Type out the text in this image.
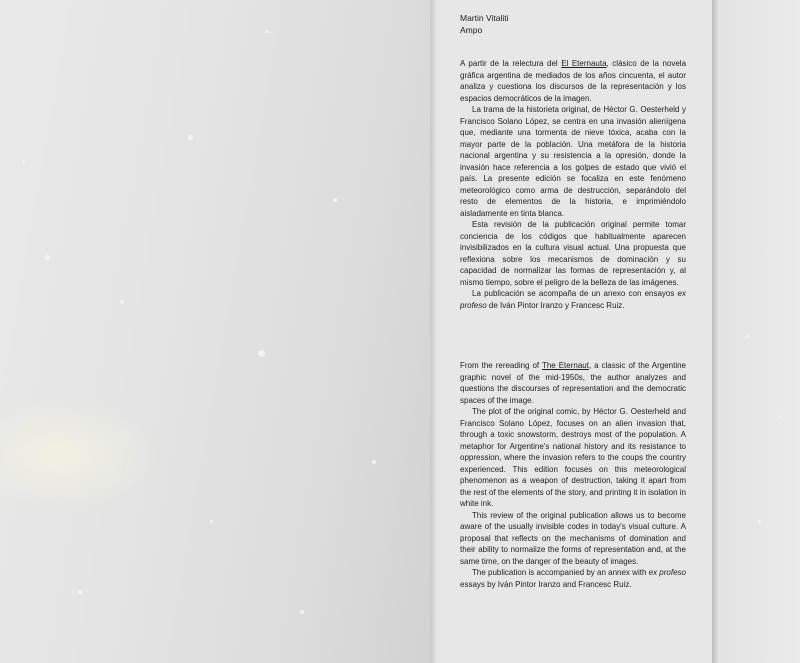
Martin Vitaliti
Ampo

A partir de la relectura del El Eternauta, clásico de la novela gráfica argentina de mediados de los años cincuenta, el autor analiza y cuestiona los discursos de la representación y los espacios democráticos de la imagen.

La trama de la historieta original, de Héctor G. Oesterheld y Francisco Solano López, se centra en una invasión alienígena que, mediante una tormenta de nieve tóxica, acaba con la mayor parte de la población. Una metáfora de la historia nacional argentina y su resistencia a la opresión, donde la invasión hace referencia a los golpes de estado que vivió el país. La presente edición se focaliza en este fenómeno meteorológico como arma de destrucción, separándolo del resto de elementos de la historia, e imprimiéndolo aisladamente en tinta blanca.

Esta revisión de la publicación original permite tomar conciencia de los códigos que habitualmente aparecen invisibilizados en la cultura visual actual. Una propuesta que reflexiona sobre los mecanismos de dominación y su capacidad de normalizar las formas de representación y, al mismo tiempo, sobre el peligro de la belleza de las imágenes.

La publicación se acompaña de un anexo con ensayos ex profeso de Iván Pintor Iranzo y Francesc Ruiz.

From the rereading of The Eternaut, a classic of the Argentine graphic novel of the mid-1950s, the author analyzes and questions the discourses of representation and the democratic spaces of the image.

The plot of the original comic, by Héctor G. Oesterheld and Francisco Solano López, focuses on an alien invasion that, through a toxic snowstorm, destroys most of the population. A metaphor for Argentine's national history and its resistance to oppression, where the invasion refers to the coups the country experienced. This edition focuses on this meteorological phenomenon as a weapon of destruction, taking it apart from the rest of the elements of the story, and printing it in isolation in white ink.

This review of the original publication allows us to become aware of the usually invisible codes in today's visual culture. A proposal that reflects on the mechanisms of domination and their ability to normalize the forms of representation and, at the same time, on the danger of the beauty of images.

The publication is accompanied by an annex with ex profeso essays by Iván Pintor Iranzo and Francesc Ruiz.
